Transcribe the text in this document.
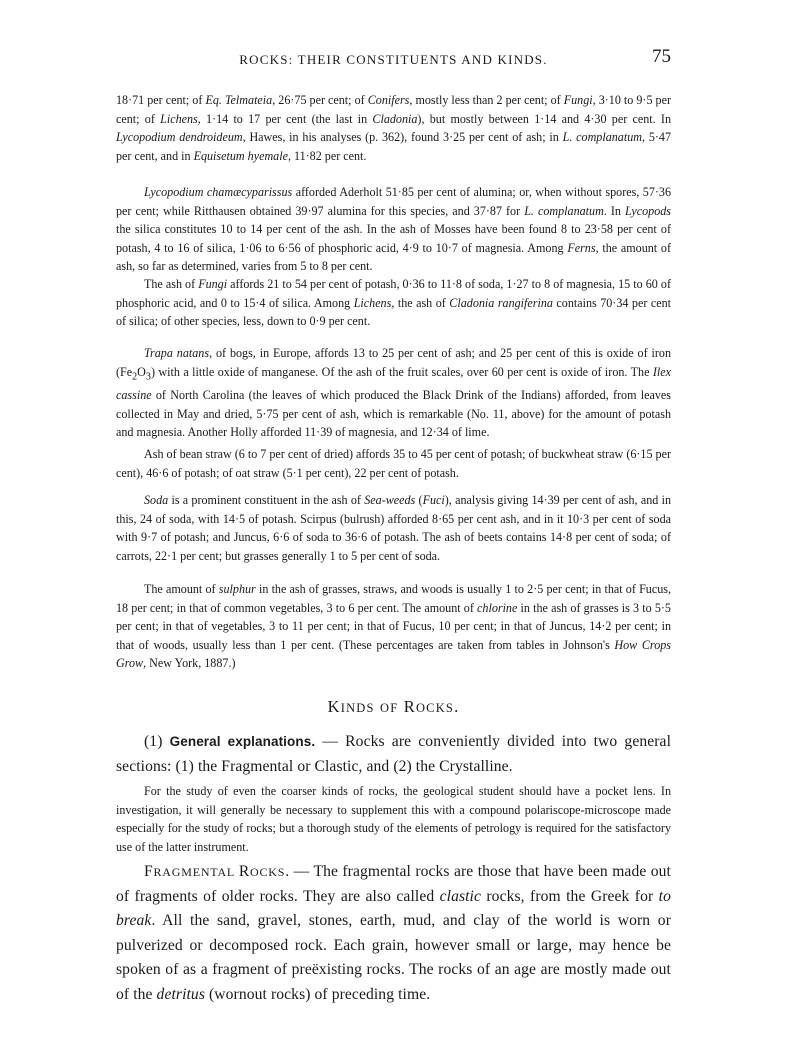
ROCKS: THEIR CONSTITUENTS AND KINDS.	75

18·71 per cent; of Eq. Telmateia, 26·75 per cent; of Conifers, mostly less than 2 per cent; of Fungi, 3·10 to 9·5 per cent; of Lichens, 1·14 to 17 per cent (the last in Cladonia), but mostly between 1·14 and 4·30 per cent. In Lycopodium dendroideum, Hawes, in his analyses (p. 362), found 3·25 per cent of ash; in L. complanatum, 5·47 per cent, and in Equisetum hyemale, 11·82 per cent.

Lycopodium chamæcyparissus afforded Aderholt 51·85 per cent of alumina; or, when without spores, 57·36 per cent; while Ritthausen obtained 39·97 alumina for this species, and 37·87 for L. complanatum. In Lycopods the silica constitutes 10 to 14 per cent of the ash. In the ash of Mosses have been found 8 to 23·58 per cent of potash, 4 to 16 of silica, 1·06 to 6·56 of phosphoric acid, 4·9 to 10·7 of magnesia. Among Ferns, the amount of ash, so far as determined, varies from 5 to 8 per cent.

The ash of Fungi affords 21 to 54 per cent of potash, 0·36 to 11·8 of soda, 1·27 to 8 of magnesia, 15 to 60 of phosphoric acid, and 0 to 15·4 of silica. Among Lichens, the ash of Cladonia rangiferina contains 70·34 per cent of silica; of other species, less, down to 0·9 per cent.

Trapa natans, of bogs, in Europe, affords 13 to 25 per cent of ash; and 25 per cent of this is oxide of iron $(Fe_2O_3)$ with a little oxide of manganese. Of the ash of the fruit scales, over 60 per cent is oxide of iron. The Ilex cassine of North Carolina (the leaves of which produced the Black Drink of the Indians) afforded, from leaves collected in May and dried, 5·75 per cent of ash, which is remarkable (No. 11, above) for the amount of potash and magnesia. Another Holly afforded 11·39 of magnesia, and 12·34 of lime.

Ash of bean straw (6 to 7 per cent of dried) affords 35 to 45 per cent of potash; of buckwheat straw (6·15 per cent), 46·6 of potash; of oat straw (5·1 per cent), 22 per cent of potash.

Soda is a prominent constituent in the ash of Sea-weeds (Fuci), analysis giving 14·39 per cent of ash, and in this, 24 of soda, with 14·5 of potash. Scirpus (bulrush) afforded 8·65 per cent ash, and in it 10·3 per cent of soda with 9·7 of potash; and Juncus, 6·6 of soda to 36·6 of potash. The ash of beets contains 14·8 per cent of soda; of carrots, 22·1 per cent; but grasses generally 1 to 5 per cent of soda.

The amount of sulphur in the ash of grasses, straws, and woods is usually 1 to 2·5 per cent; in that of Fucus, 18 per cent; in that of common vegetables, 3 to 6 per cent. The amount of chlorine in the ash of grasses is 3 to 5·5 per cent; in that of vegetables, 3 to 11 per cent; in that of Fucus, 10 per cent; in that of Juncus, 14·2 per cent; in that of woods, usually less than 1 per cent. (These percentages are taken from tables in Johnson's How Crops Grow, New York, 1887.)

KINDS OF ROCKS.

(1) General explanations. — Rocks are conveniently divided into two general sections: (1) the Fragmental or Clastic, and (2) the Crystalline.

For the study of even the coarser kinds of rocks, the geological student should have a pocket lens. In investigation, it will generally be necessary to supplement this with a compound polariscope-microscope made especially for the study of rocks; but a thorough study of the elements of petrology is required for the satisfactory use of the latter instrument.

FRAGMENTAL ROCKS. — The fragmental rocks are those that have been made out of fragments of older rocks. They are also called clastic rocks, from the Greek for to break. All the sand, gravel, stones, earth, mud, and clay of the world is worn or pulverized or decomposed rock. Each grain, however small or large, may hence be spoken of as a fragment of preëxisting rocks. The rocks of an age are mostly made out of the detritus (wornout rocks) of preceding time.
